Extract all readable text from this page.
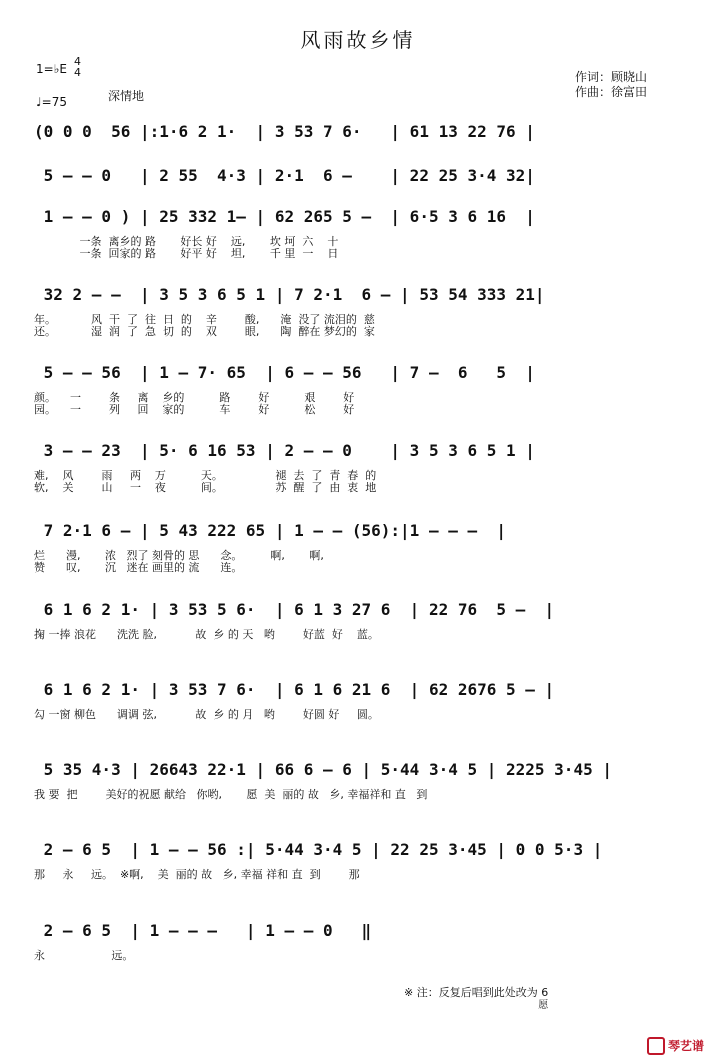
风雨故乡情
1=♭E
4
4
♩=75	深情地
作词：顾晓山
作曲：徐富田
(0 0 0  56 |:1·6 2 1·  | 3 53 7 6·   | 61 13 22 76 |
5 – – 0   | 2 55  4·3 | 2·1  6 –    | 22 25 3·4 32|
1 – – 0 ) | 25 332 1– | 62 265 5 –  | 6·5 3 6 16  |
一条  离乡的 路       好长 好    远,       坎 坷  六    十
一条  回家的 路       好平 好    坦,       千 里  一    日
32 2 – –  | 3 5 3 6 5 1 | 7 2·1  6 – | 53 54 333 21|
年。          风  干  了  往  日  的    辛        酸,      淹  没了 流泪的  慈
还。          湿  润  了  急  切  的    双        眼,      陶  醉在 梦幻的  家
5 – – 56  | 1 – 7· 65  | 6 – – 56   | 7 –  6   5  |
颜。    一        条     离    乡的          路        好          艰        好
园。    一        列     回    家的          车        好          松        好
3 – – 23  | 5· 6 16 53 | 2 – – 0    | 3 5 3 6 5 1 |
难,    风        雨     两    万          天。               褪  去  了  青  春  的
软,    关        山     一    夜          间。               苏  醒  了  由  衷  地
7 2·1 6 – | 5 43 222 65 | 1 – – (56):|1 – – –  |
烂      漫,       浓   烈了 刻骨的 思      念。        啊,       啊,
赞      叹,       沉   迷在 画里的 流      连。
6 1 6 2 1· | 3 53 5 6·  | 6 1 3 27 6  | 22 76  5 –  |
掬 一捧 浪花      洗洗 脸,           故  乡 的 天   哟        好蓝  好    蓝。
6 1 6 2 1· | 3 53 7 6·  | 6 1 6 21 6  | 62 2676 5 – |
勾 一窗 柳色      调调 弦,           故  乡 的 月   哟        好圆 好     圆。
5 35 4·3 | 26643 22·1 | 66 6 – 6 | 5·44 3·4 5 | 2225 3·45 |
我 要  把        美好的祝愿 献给   你哟,       愿  美  丽的 故   乡, 幸福祥和 直   到
2 – 6 5  | 1 – – 56 :| 5·44 3·4 5 | 22 25 3·45 | 0 0 5·3 |
那     永     远。  ※啊,    美  丽的 故   乡, 幸福 祥和 直  到        那
2 – 6 5  | 1 – – –   | 1 – – 0   ‖
永                   远。
※ 注：反复后唱到此处改为 6
愿
琴艺谱
